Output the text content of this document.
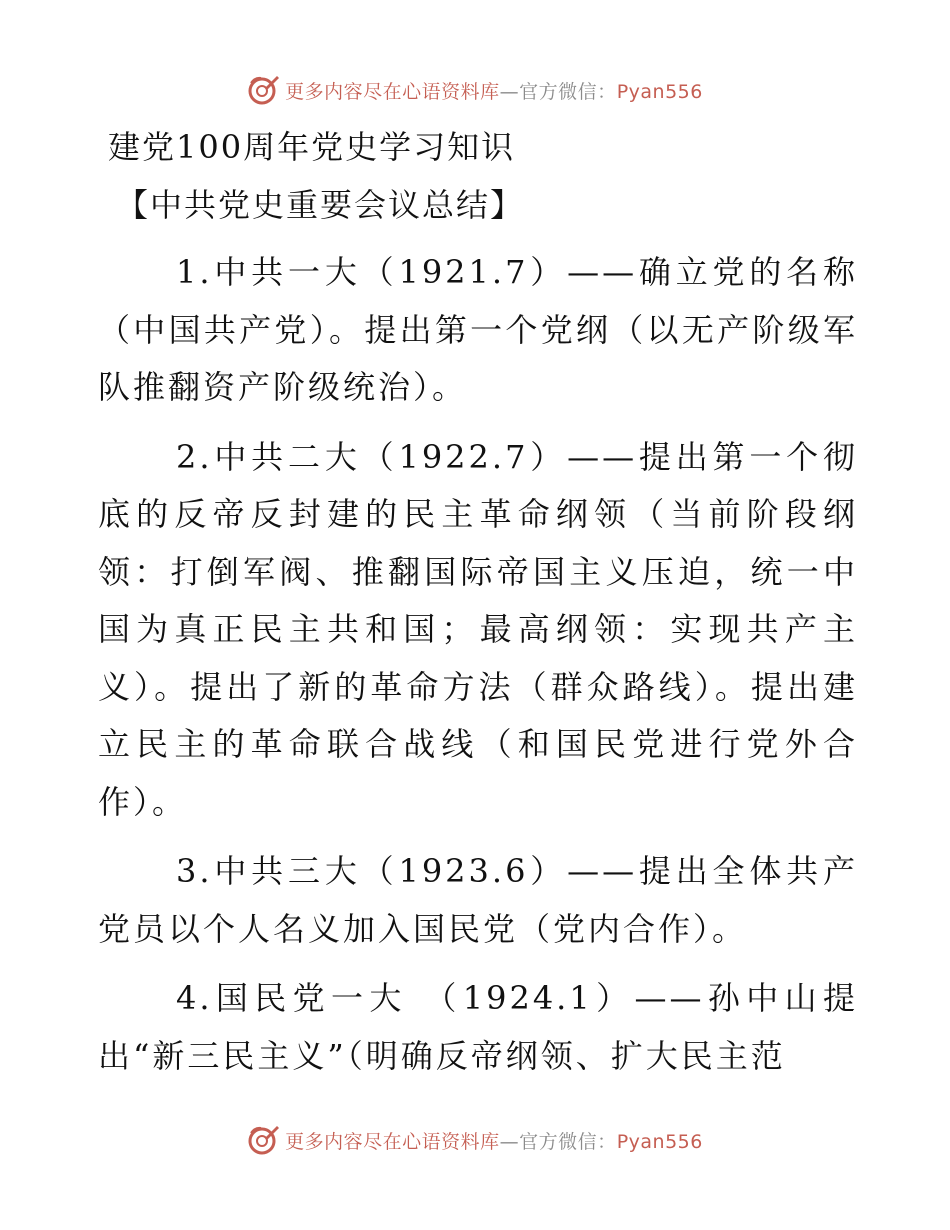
更多内容尽在心语资料库—官方微信：Pyan556
建党100周年党史学习知识
【中共党史重要会议总结】

1.中共一大（1921.7）——确立党的名称（中国共产党）。提出第一个党纲（以无产阶级军队推翻资产阶级统治）。

2.中共二大（1922.7）——提出第一个彻底的反帝反封建的民主革命纲领（当前阶段纲领：打倒军阀、推翻国际帝国主义压迫，统一中国为真正民主共和国；最高纲领：实现共产主义）。提出了新的革命方法（群众路线）。提出建立民主的革命联合战线（和国民党进行党外合作）。

3.中共三大（1923.6）——提出全体共产党员以个人名义加入国民党（党内合作）。

4.国民党一大 （1924.1）——孙中山提出“新三民主义”（明确反帝纲领、扩大民主范

更多内容尽在心语资料库—官方微信：Pyan556
